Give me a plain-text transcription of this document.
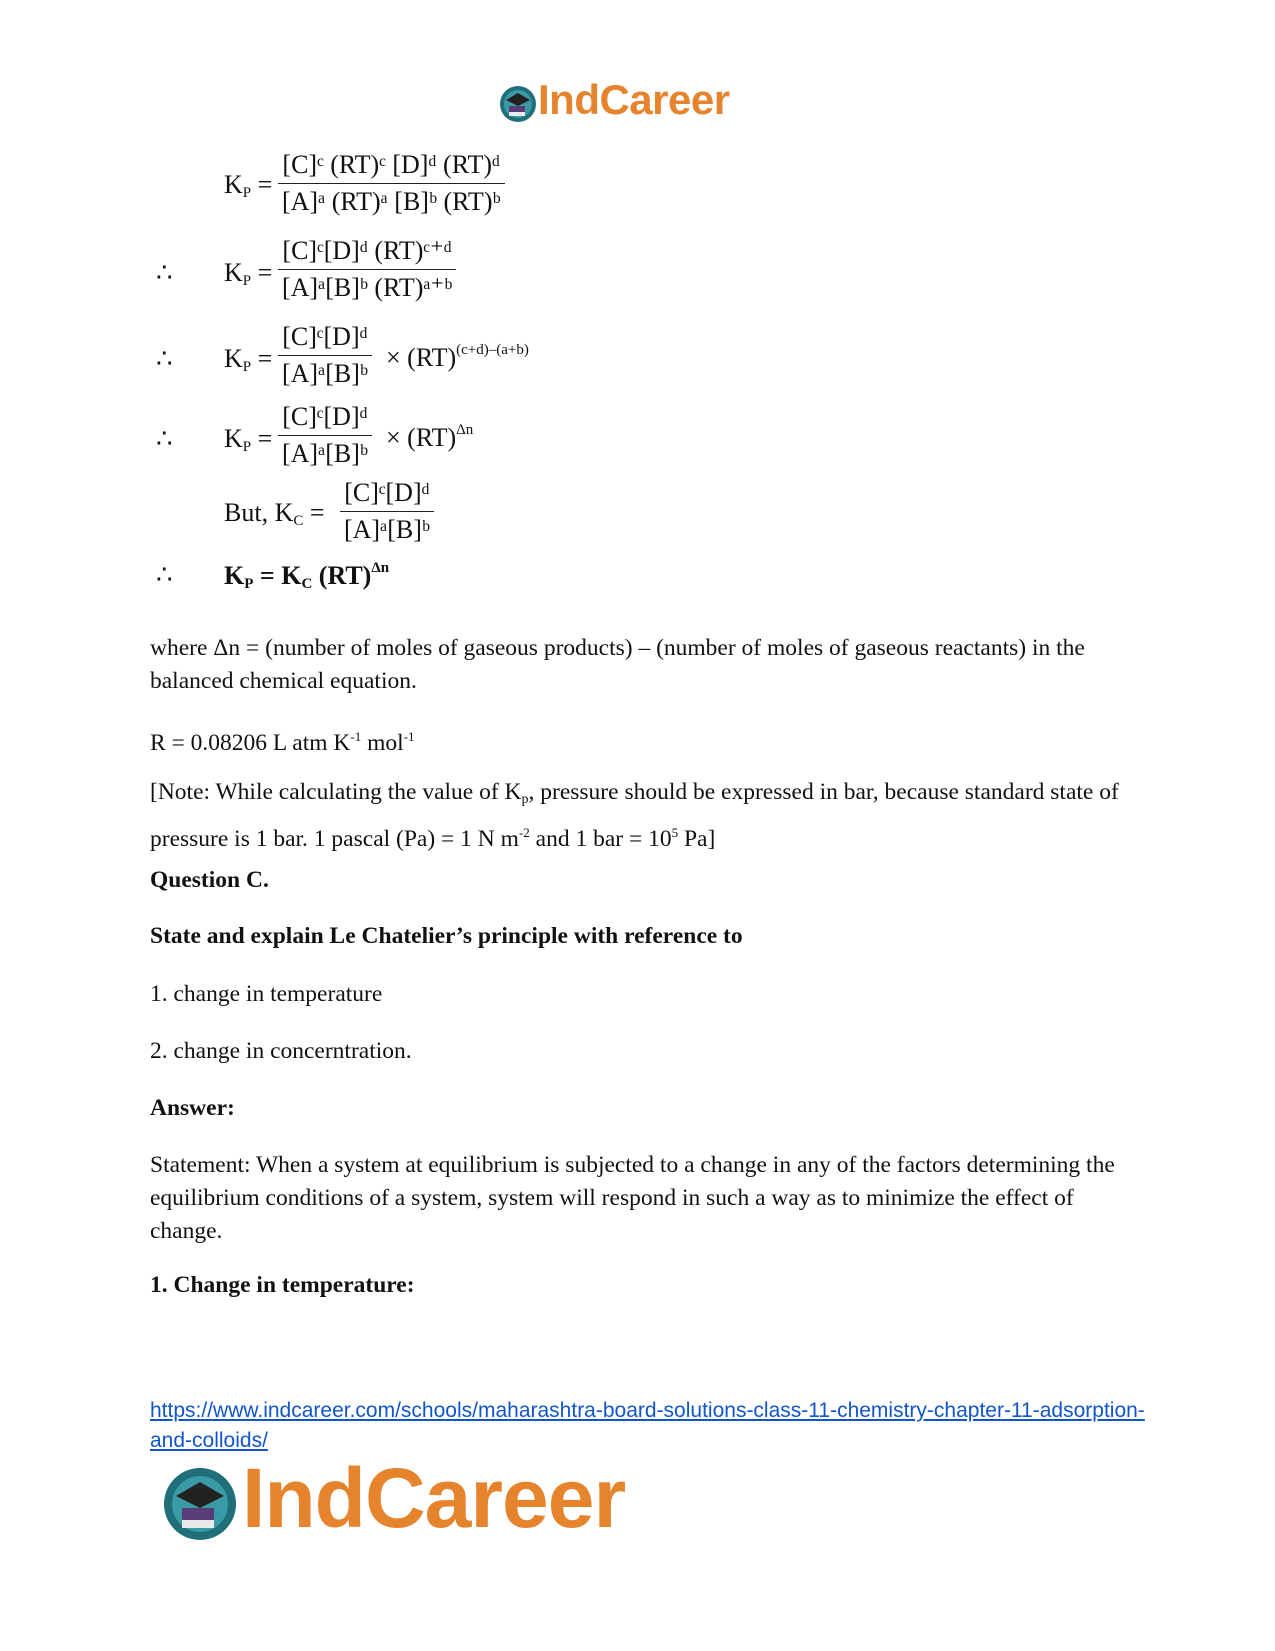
IndCareer
$K_P = \frac{\text{[C]ᶜ (RT)ᶜ [D]ᵈ (RT)ᵈ}}{\text{[A]ᵃ (RT)ᵃ [B]ᵇ (RT)ᵇ}}$
∴ $K_P = \frac{\text{[C]ᶜ[D]ᵈ (RT)ᶜ⁺ᵈ}}{\text{[A]ᵃ[B]ᵇ (RT)ᵃ⁺ᵇ}}$
∴ $K_P = \frac{\text{[C]ᶜ[D]ᵈ}}{\text{[A]ᵃ[B]ᵇ}} \times (RT)^{(c+d)-(a+b)}$
∴ $K_P = \frac{\text{[C]ᶜ[D]ᵈ}}{\text{[A]ᵃ[B]ᵇ}} \times (RT)^{\Delta n}$
But, $K_C = \frac{\text{[C]ᶜ[D]ᵈ}}{\text{[A]ᵃ[B]ᵇ}}$
∴ $K_P = K_C$ (RT)$^{\Delta n}$
where Δn = (number of moles of gaseous products) – (number of moles of gaseous reactants) in the balanced chemical equation.
R = 0.08206 L atm $K^{-1}$ mol$^{-1}$
[Note: While calculating the value of $K_p$, pressure should be expressed in bar, because standard state of pressure is 1 bar. 1 pascal (Pa) = 1 N $m^{-2}$ and 1 bar = $10^5$ Pa]
Question C.
State and explain Le Chatelier’s principle with reference to
1. change in temperature
2. change in concerntration.
Answer:
Statement: When a system at equilibrium is subjected to a change in any of the factors determining the equilibrium conditions of a system, system will respond in such a way as to minimize the effect of change.
1. Change in temperature:
https://www.indcareer.com/schools/maharashtra-board-solutions-class-11-chemistry-chapter-11-adsorption-and-colloids/
IndCareer
